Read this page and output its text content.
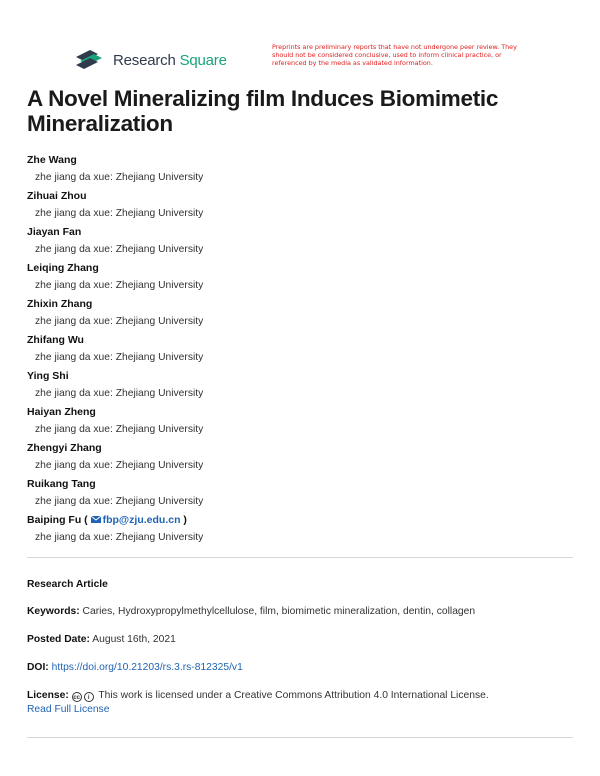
Research Square
Preprints are preliminary reports that have not undergone peer review. They should not be considered conclusive, used to inform clinical practice, or referenced by the media as validated information.
A Novel Mineralizing film Induces Biomimetic Mineralization
Zhe Wang
zhe jiang da xue: Zhejiang University
Zihuai Zhou
zhe jiang da xue: Zhejiang University
Jiayan Fan
zhe jiang da xue: Zhejiang University
Leiqing Zhang
zhe jiang da xue: Zhejiang University
Zhixin Zhang
zhe jiang da xue: Zhejiang University
Zhifang Wu
zhe jiang da xue: Zhejiang University
Ying Shi
zhe jiang da xue: Zhejiang University
Haiyan Zheng
zhe jiang da xue: Zhejiang University
Zhengyi Zhang
zhe jiang da xue: Zhejiang University
Ruikang Tang
zhe jiang da xue: Zhejiang University
Baiping Fu ( fbp@zju.edu.cn )
zhe jiang da xue: Zhejiang University
Research Article
Keywords: Caries, Hydroxypropylmethylcellulose, film, biomimetic mineralization, dentin, collagen
Posted Date: August 16th, 2021
DOI: https://doi.org/10.21203/rs.3.rs-812325/v1
License: cc i This work is licensed under a Creative Commons Attribution 4.0 International License.
Read Full License
